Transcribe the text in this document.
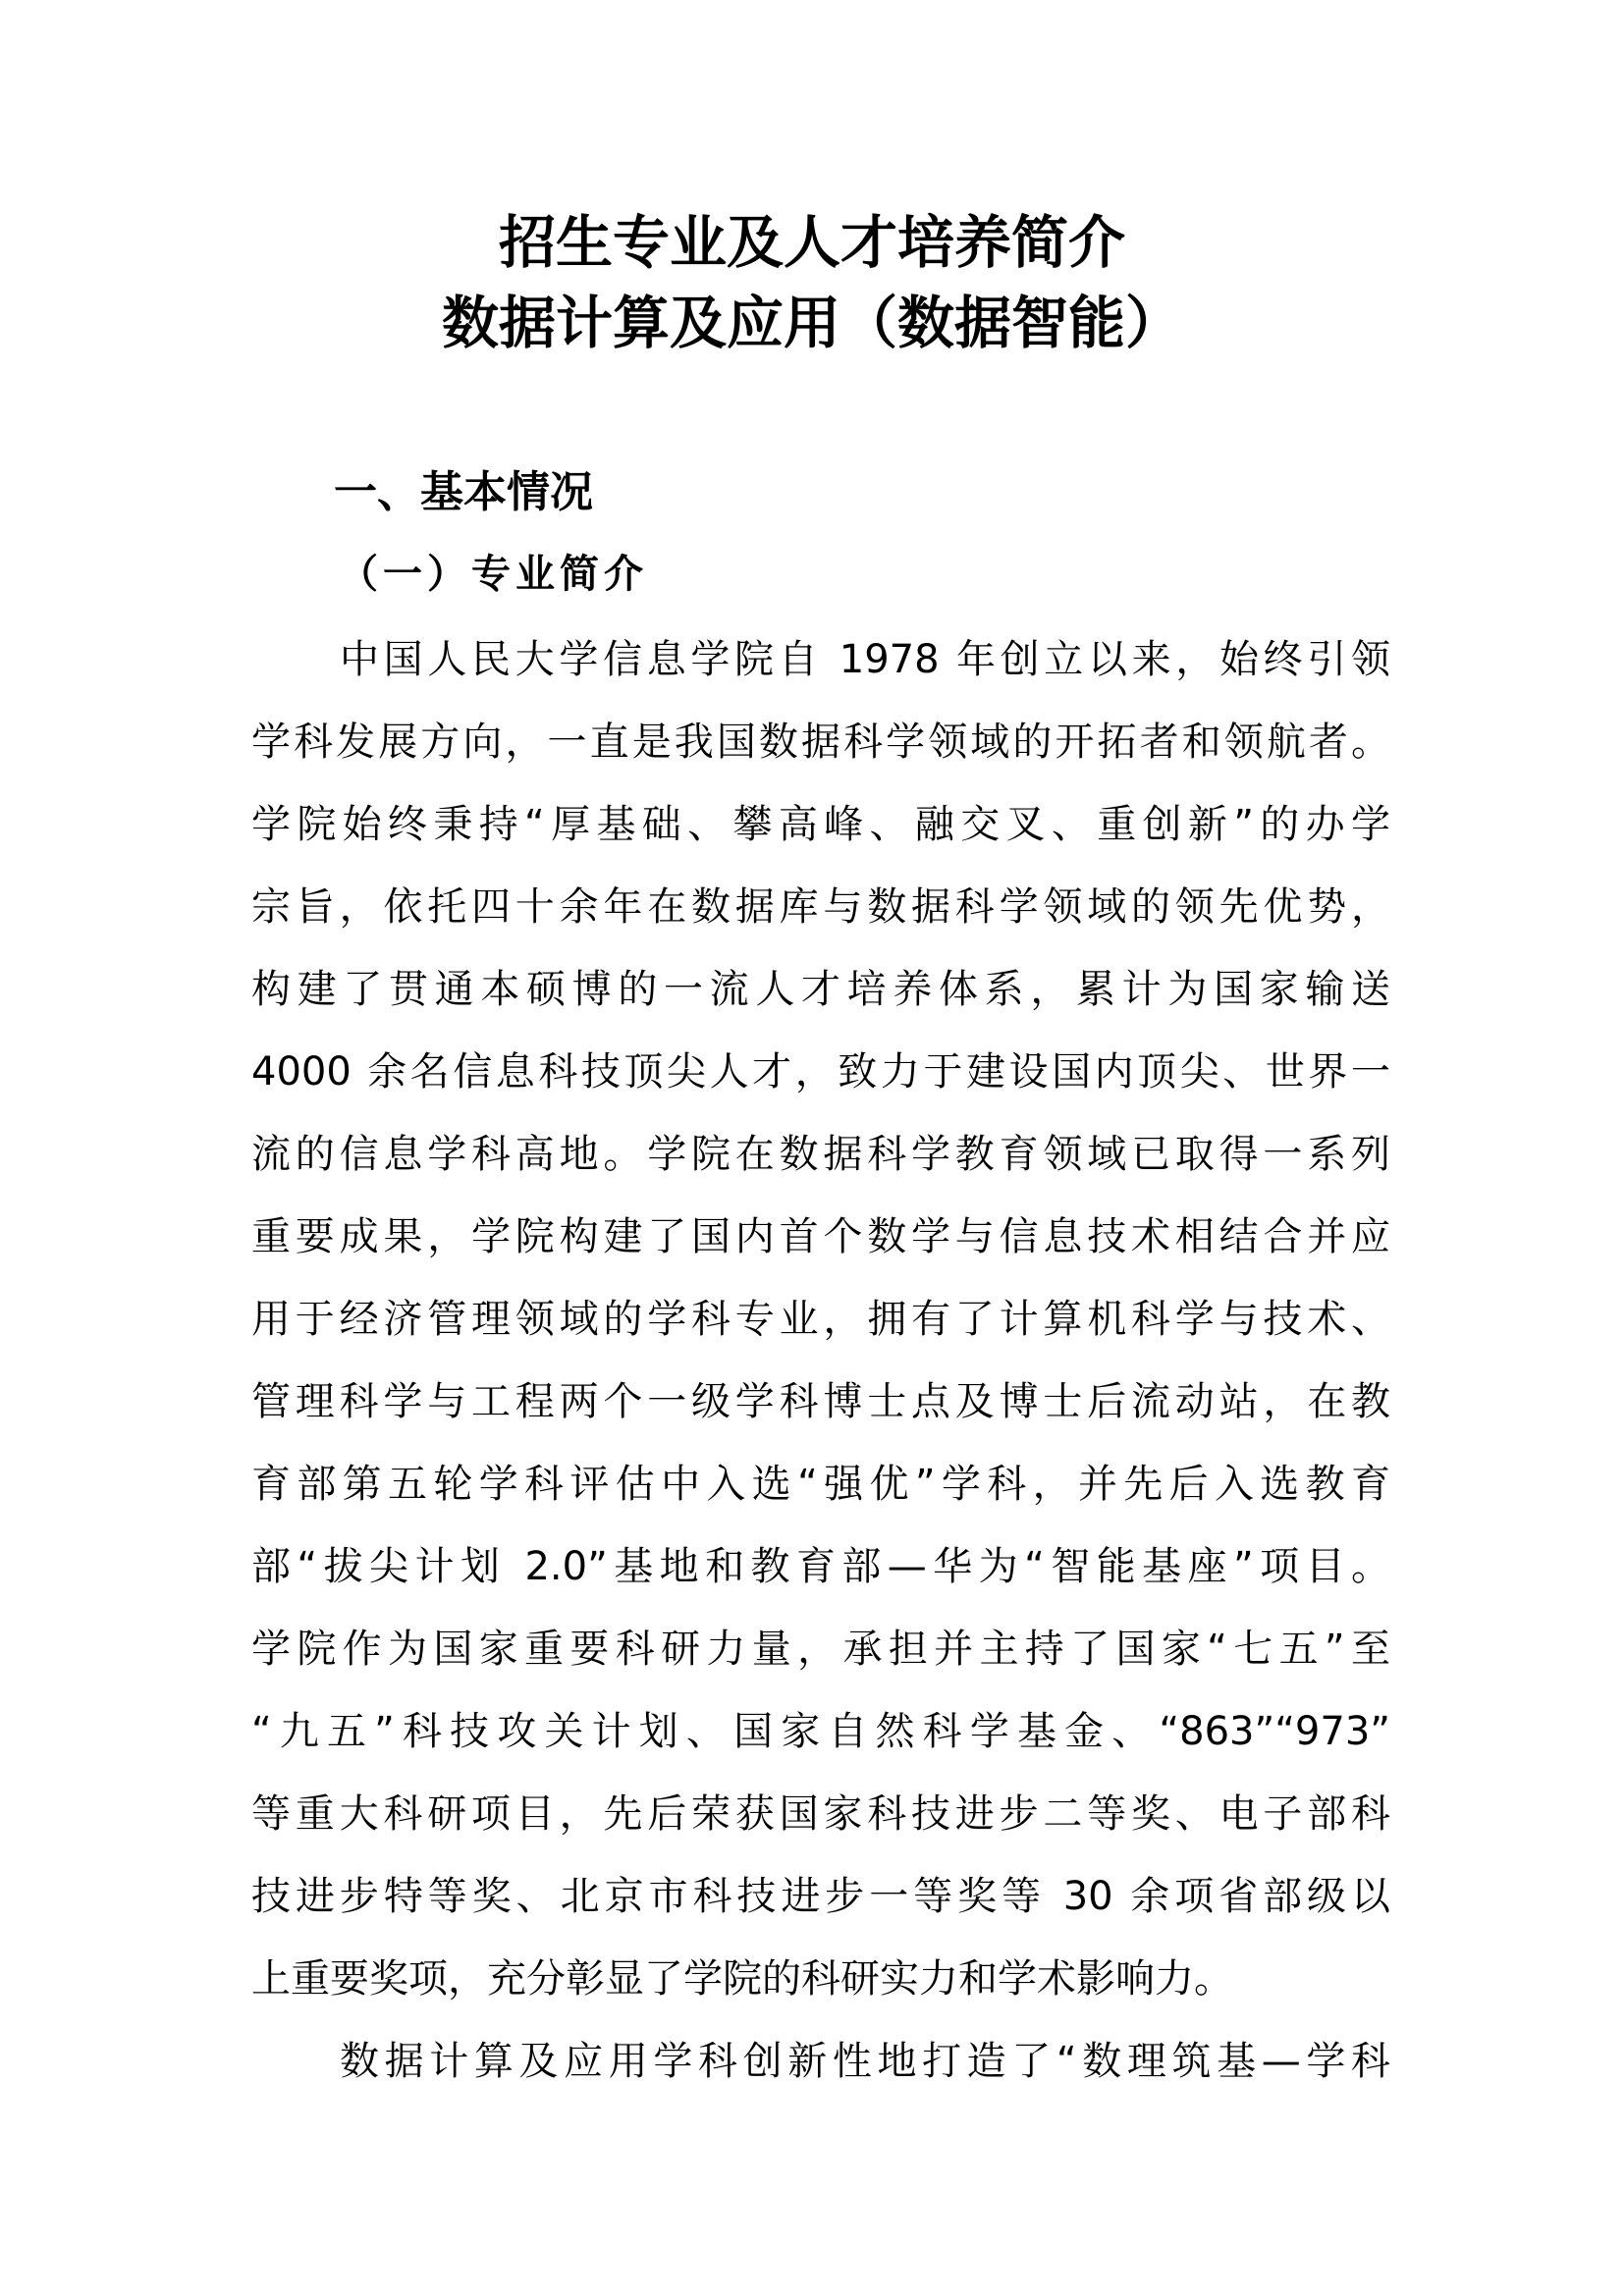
招生专业及人才培养简介
数据计算及应用（数据智能）
一、基本情况
（一）专业简介
中国人民大学信息学院自 1978 年创立以来，始终引领
学科发展方向，一直是我国数据科学领域的开拓者和领航者。
学院始终秉持“厚基础、攀高峰、融交叉、重创新”的办学
宗旨，依托四十余年在数据库与数据科学领域的领先优势，
构建了贯通本硕博的一流人才培养体系，累计为国家输送
4000 余名信息科技顶尖人才，致力于建设国内顶尖、世界一
流的信息学科高地。学院在数据科学教育领域已取得一系列
重要成果，学院构建了国内首个数学与信息技术相结合并应
用于经济管理领域的学科专业，拥有了计算机科学与技术、
管理科学与工程两个一级学科博士点及博士后流动站，在教
育部第五轮学科评估中入选“强优”学科，并先后入选教育
部“拔尖计划 2.0”基地和教育部—华为“智能基座”项目。
学院作为国家重要科研力量，承担并主持了国家“七五”至
“九五”科技攻关计划、国家自然科学基金、“863”“973”
等重大科研项目，先后荣获国家科技进步二等奖、电子部科
技进步特等奖、北京市科技进步一等奖等 30 余项省部级以
上重要奖项，充分彰显了学院的科研实力和学术影响力。
数据计算及应用学科创新性地打造了“数理筑基—学科
